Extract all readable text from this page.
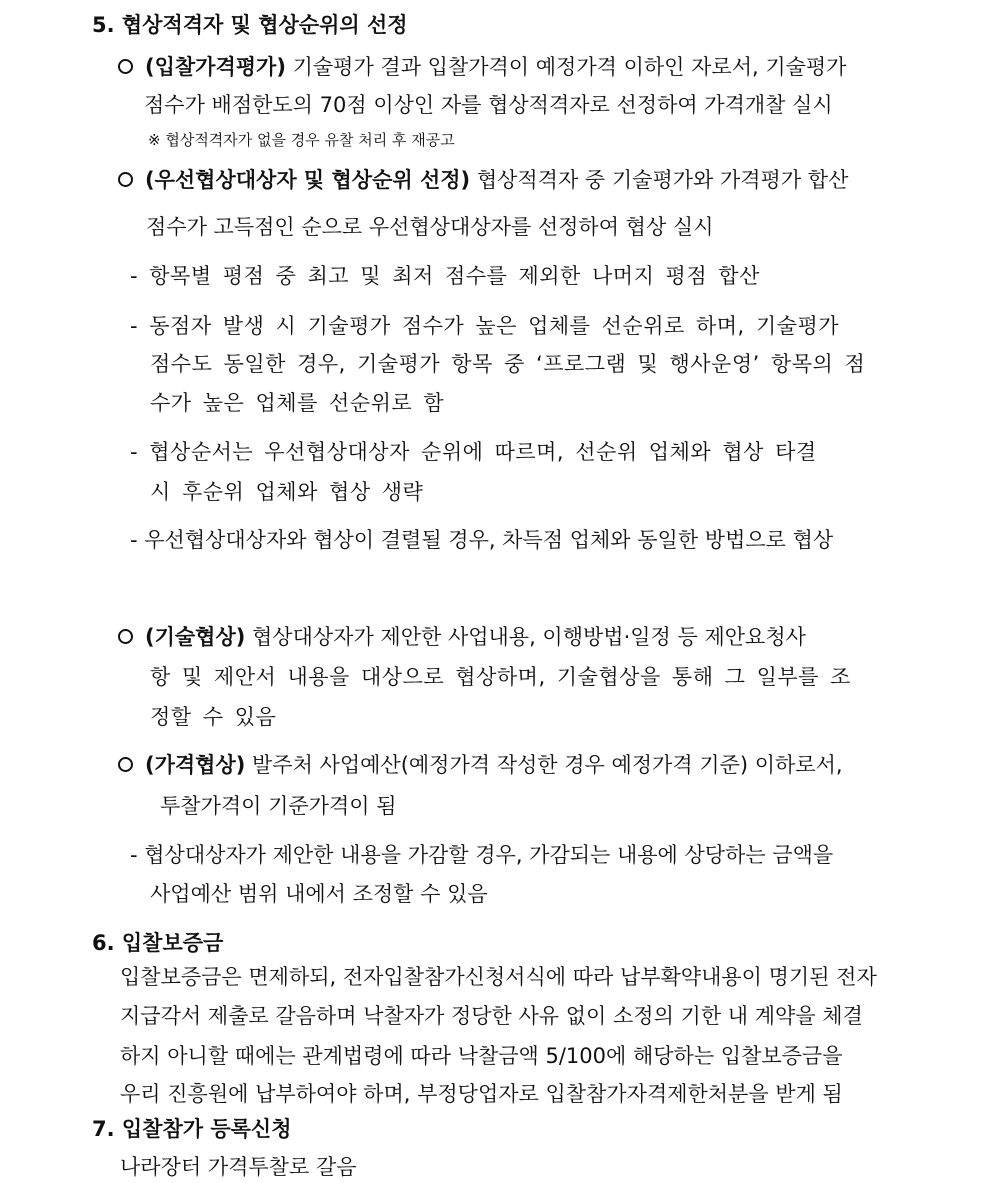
5. 협상적격자 및 협상순위의 선정
(입찰가격평가) 기술평가 결과 입찰가격이 예정가격 이하인 자로서, 기술평가
점수가 배점한도의 70점 이상인 자를 협상적격자로 선정하여 가격개찰 실시
※ 협상적격자가 없을 경우 유찰 처리 후 재공고
(우선협상대상자 및 협상순위 선정) 협상적격자 중 기술평가와 가격평가 합산
점수가 고득점인 순으로 우선협상대상자를 선정하여 협상 실시
- 항목별 평점 중 최고 및 최저 점수를 제외한 나머지 평점 합산
- 동점자 발생 시 기술평가 점수가 높은 업체를 선순위로 하며, 기술평가
점수도 동일한 경우, 기술평가 항목 중 ‘프로그램 및 행사운영’ 항목의 점
수가 높은 업체를 선순위로 함
- 협상순서는 우선협상대상자 순위에 따르며, 선순위 업체와 협상 타결
시 후순위 업체와 협상 생략
- 우선협상대상자와 협상이 결렬될 경우, 차득점 업체와 동일한 방법으로 협상
(기술협상) 협상대상자가 제안한 사업내용, 이행방법·일정 등 제안요청사
항 및 제안서 내용을 대상으로 협상하며, 기술협상을 통해 그 일부를 조
정할 수 있음
(가격협상) 발주처 사업예산(예정가격 작성한 경우 예정가격 기준) 이하로서,
투찰가격이 기준가격이 됨
- 협상대상자가 제안한 내용을 가감할 경우, 가감되는 내용에 상당하는 금액을
사업예산 범위 내에서 조정할 수 있음
6. 입찰보증금
입찰보증금은 면제하되, 전자입찰참가신청서식에 따라 납부확약내용이 명기된 전자
지급각서 제출로 갈음하며 낙찰자가 정당한 사유 없이 소정의 기한 내 계약을 체결
하지 아니할 때에는 관계법령에 따라 낙찰금액 5/100에 해당하는 입찰보증금을
우리 진흥원에 납부하여야 하며, 부정당업자로 입찰참가자격제한처분을 받게 됨
7. 입찰참가 등록신청
나라장터 가격투찰로 갈음
